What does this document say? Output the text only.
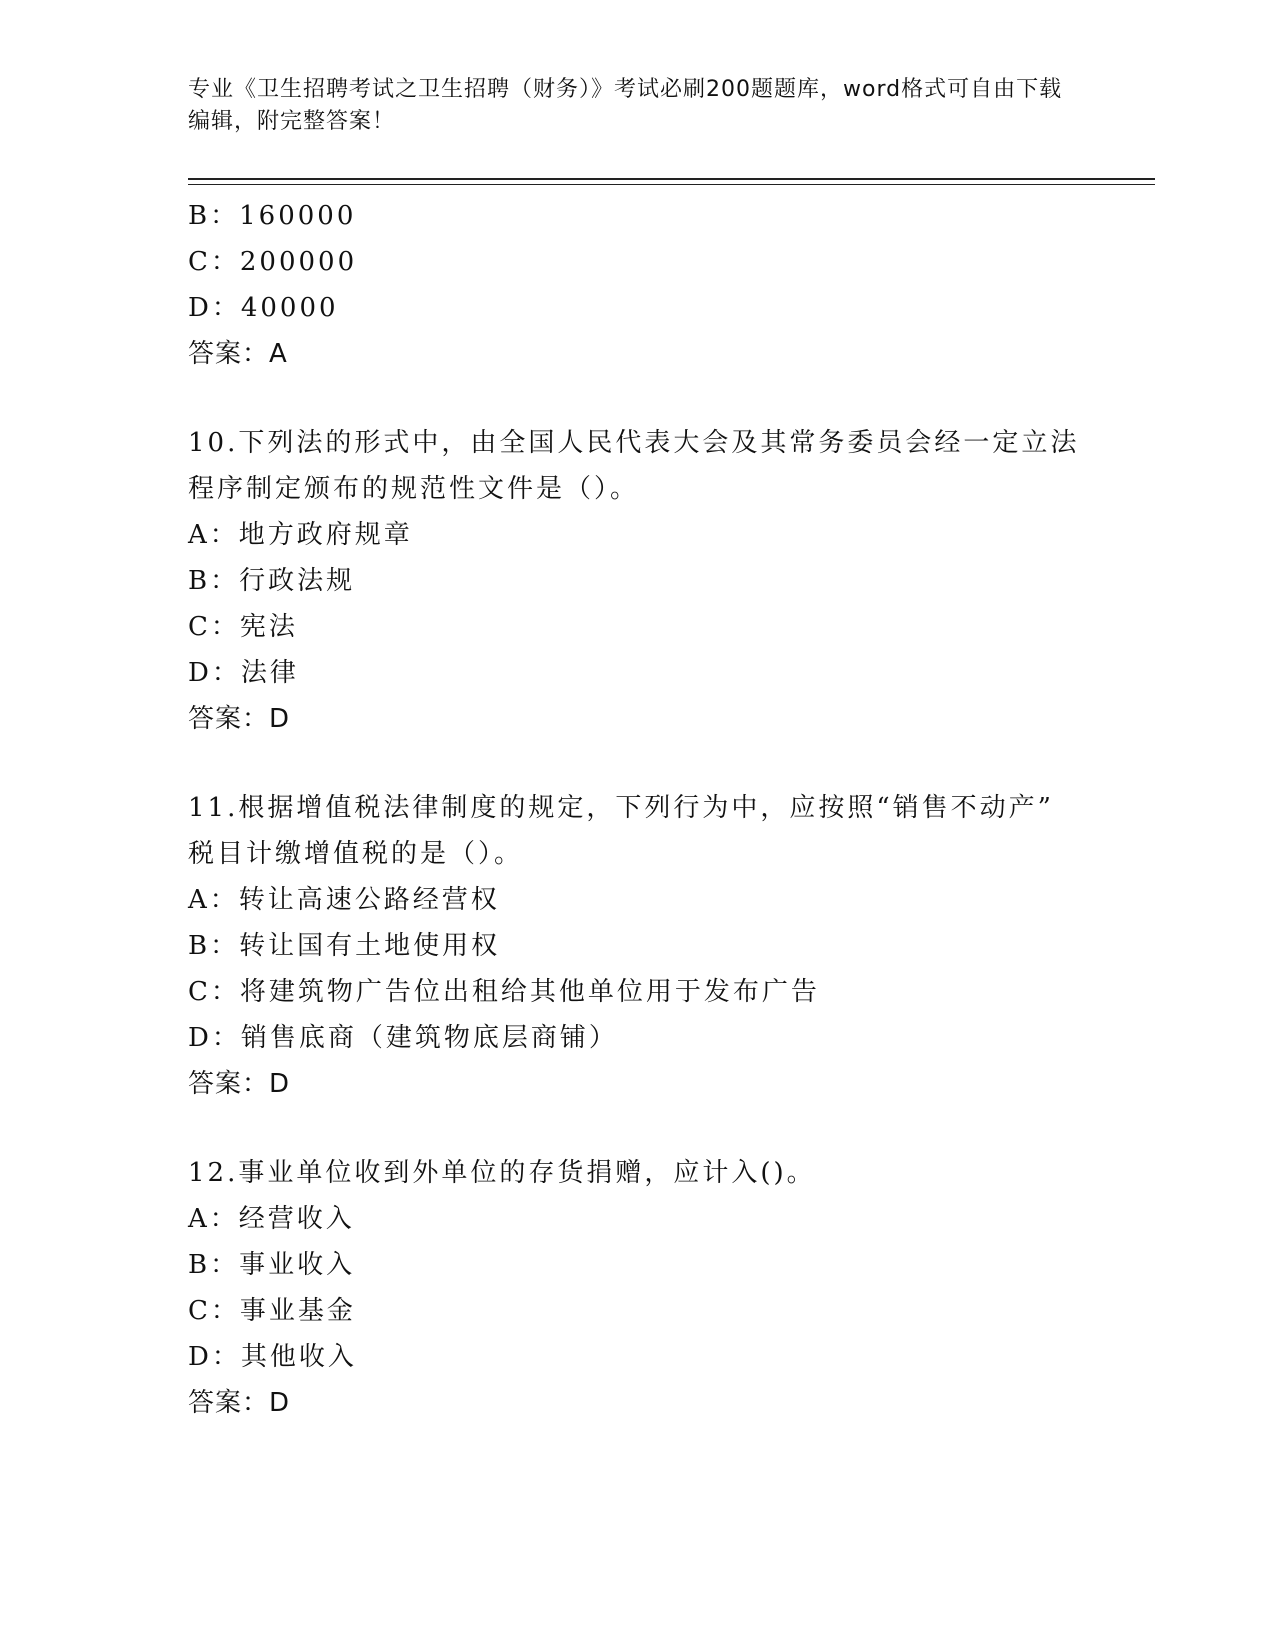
专业《卫生招聘考试之卫生招聘（财务）》考试必刷200题题库，word格式可自由下载编辑，附完整答案！
B：160000
C：200000
D：40000
答案：A
10.下列法的形式中，由全国人民代表大会及其常务委员会经一定立法
程序制定颁布的规范性文件是（）。
A：地方政府规章
B：行政法规
C：宪法
D：法律
答案：D
11.根据增值税法律制度的规定，下列行为中，应按照“销售不动产”
税目计缴增值税的是（）。
A：转让高速公路经营权
B：转让国有土地使用权
C：将建筑物广告位出租给其他单位用于发布广告
D：销售底商（建筑物底层商铺）
答案：D
12.事业单位收到外单位的存货捐赠，应计入()。
A：经营收入
B：事业收入
C：事业基金
D：其他收入
答案：D
